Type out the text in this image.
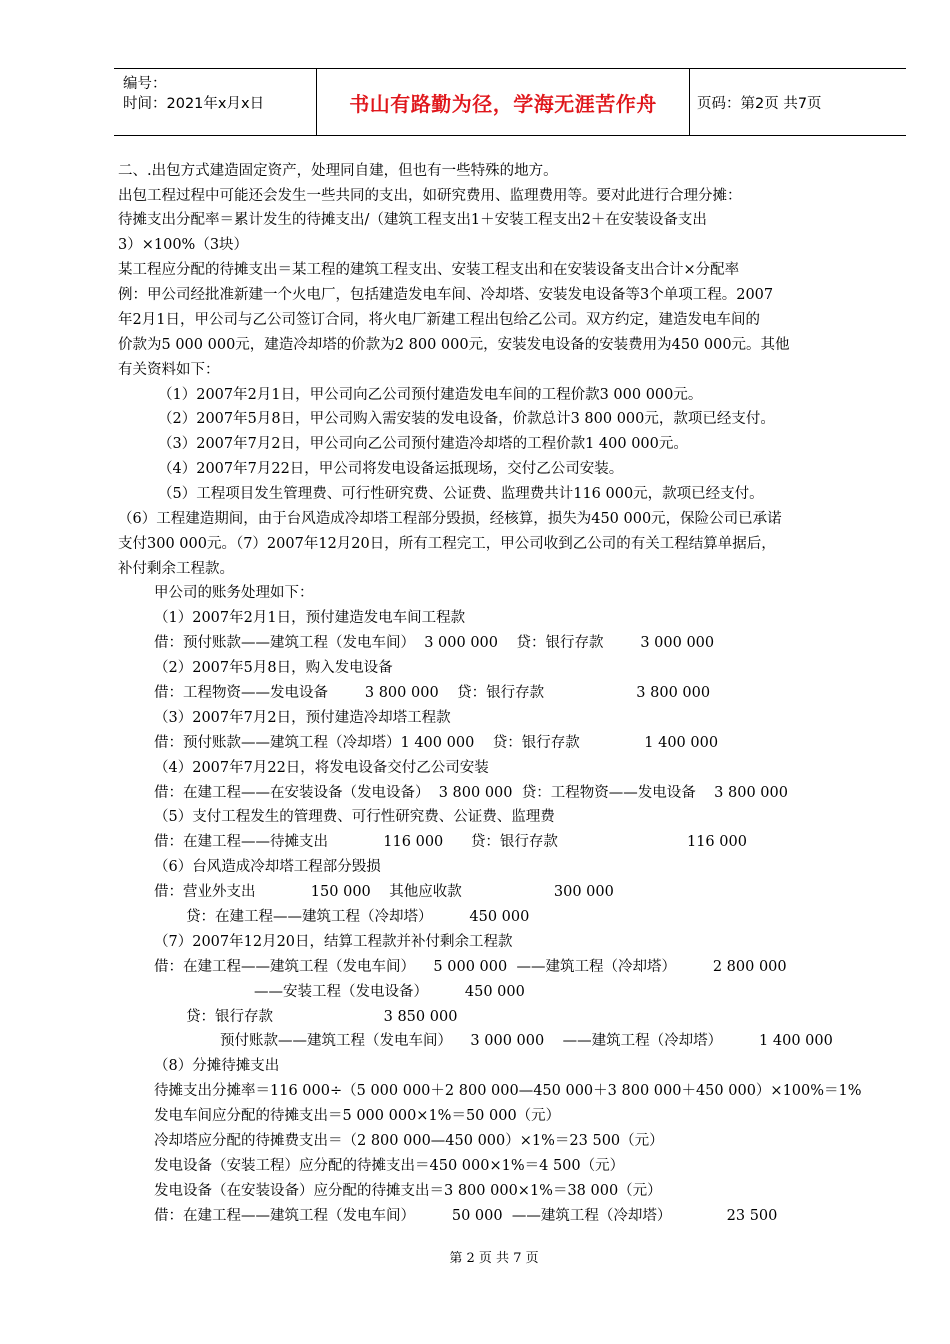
编号：
时间：2021年x月x日	书山有路勤为径，学海无涯苦作舟	页码：第2页 共7页
二、.出包方式建造固定资产，处理同自建，但也有一些特殊的地方。
出包工程过程中可能还会发生一些共同的支出，如研究费用、监理费用等。要对此进行合理分摊：
待摊支出分配率＝累计发生的待摊支出/（建筑工程支出1＋安装工程支出2＋在安装设备支出
3）×100%（3块）
某工程应分配的待摊支出＝某工程的建筑工程支出、安装工程支出和在安装设备支出合计×分配率
例：甲公司经批准新建一个火电厂，包括建造发电车间、冷却塔、安装发电设备等3个单项工程。2007
年2月1日，甲公司与乙公司签订合同，将火电厂新建工程出包给乙公司。双方约定，建造发电车间的
价款为5 000 000元，建造冷却塔的价款为2 800 000元，安装发电设备的安装费用为450 000元。其他
有关资料如下：
（1）2007年2月1日，甲公司向乙公司预付建造发电车间的工程价款3 000 000元。
（2）2007年5月8日，甲公司购入需安装的发电设备，价款总计3 800 000元，款项已经支付。
（3）2007年7月2日，甲公司向乙公司预付建造冷却塔的工程价款1 400 000元。
（4）2007年7月22日，甲公司将发电设备运抵现场，交付乙公司安装。
（5）工程项目发生管理费、可行性研究费、公证费、监理费共计116 000元，款项已经支付。
（6）工程建造期间，由于台风造成冷却塔工程部分毁损，经核算，损失为450 000元，保险公司已承诺
支付300 000元。（7）2007年12月20日，所有工程完工，甲公司收到乙公司的有关工程结算单据后，
补付剩余工程款。
甲公司的账务处理如下：
（1）2007年2月1日，预付建造发电车间工程款
借：预付账款——建筑工程（发电车间）  3 000 000    贷：银行存款        3 000 000
（2）2007年5月8日，购入发电设备
借：工程物资——发电设备        3 800 000    贷：银行存款                    3 800 000
（3）2007年7月2日，预付建造冷却塔工程款
借：预付账款——建筑工程（冷却塔）1 400 000    贷：银行存款              1 400 000
（4）2007年7月22日，将发电设备交付乙公司安装
借：在建工程——在安装设备（发电设备）  3 800 000  贷：工程物资——发电设备    3 800 000
（5）支付工程发生的管理费、可行性研究费、公证费、监理费
借：在建工程——待摊支出            116 000      贷：银行存款                            116 000
（6）台风造成冷却塔工程部分毁损
借：营业外支出            150 000    其他应收款                    300 000
贷：在建工程——建筑工程（冷却塔）        450 000
（7）2007年12月20日，结算工程款并补付剩余工程款
借：在建工程——建筑工程（发电车间）    5 000 000  ——建筑工程（冷却塔）        2 800 000
——安装工程（发电设备）        450 000
贷：银行存款                        3 850 000
预付账款——建筑工程（发电车间）    3 000 000    ——建筑工程（冷却塔）        1 400 000
（8）分摊待摊支出
待摊支出分摊率＝116 000÷（5 000 000＋2 800 000—450 000＋3 800 000＋450 000）×100%＝1%
发电车间应分配的待摊支出＝5 000 000×1%＝50 000（元）
冷却塔应分配的待摊费支出＝（2 800 000—450 000）×1%＝23 500（元）
发电设备（安装工程）应分配的待摊支出＝450 000×1%＝4 500（元）
发电设备（在安装设备）应分配的待摊支出＝3 800 000×1%＝38 000（元）
借：在建工程——建筑工程（发电车间）        50 000  ——建筑工程（冷却塔）            23 500
第 2 页 共 7 页
